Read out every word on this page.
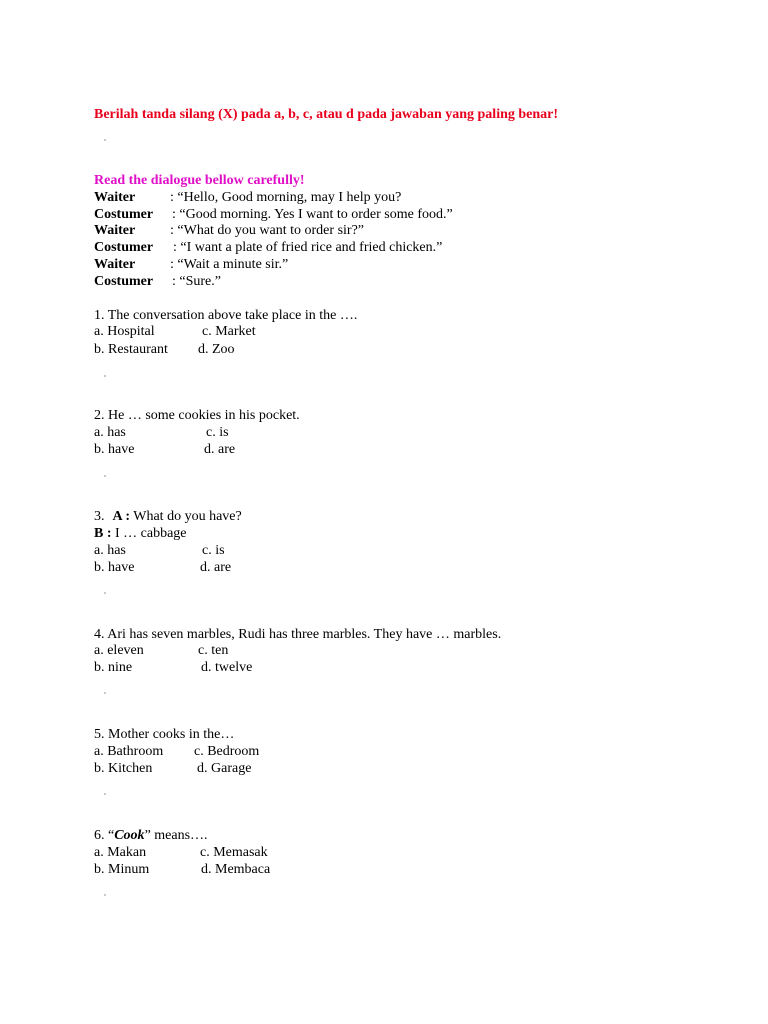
Berilah tanda silang (X) pada a, b, c, atau d pada jawaban yang paling benar!
Read the dialogue bellow carefully!
Waiter : “Hello, Good morning, may I help you?
Costumer : “Good morning. Yes I want to order some food.”
Waiter : “What do you want to order sir?”
Costumer : “I want a plate of fried rice and fried chicken.”
Waiter : “Wait a minute sir.”
Costumer : “Sure.”
1. The conversation above take place in the ….
a. Hospital	c. Market
b. Restaurant d. Zoo
2. He … some cookies in his pocket.
a. has	c. is
b. have	d. are
3. A : What do you have?
B : I … cabbage
a. has	c. is
b. have	d. are
4. Ari has seven marbles, Rudi has three marbles. They have … marbles.
a. eleven	c. ten
b. nine	d. twelve
5. Mother cooks in the…
a. Bathroom c. Bedroom
b. Kitchen	d. Garage
6. “Cook” means….
a. Makan	c. Memasak
b. Minum	d. Membaca
